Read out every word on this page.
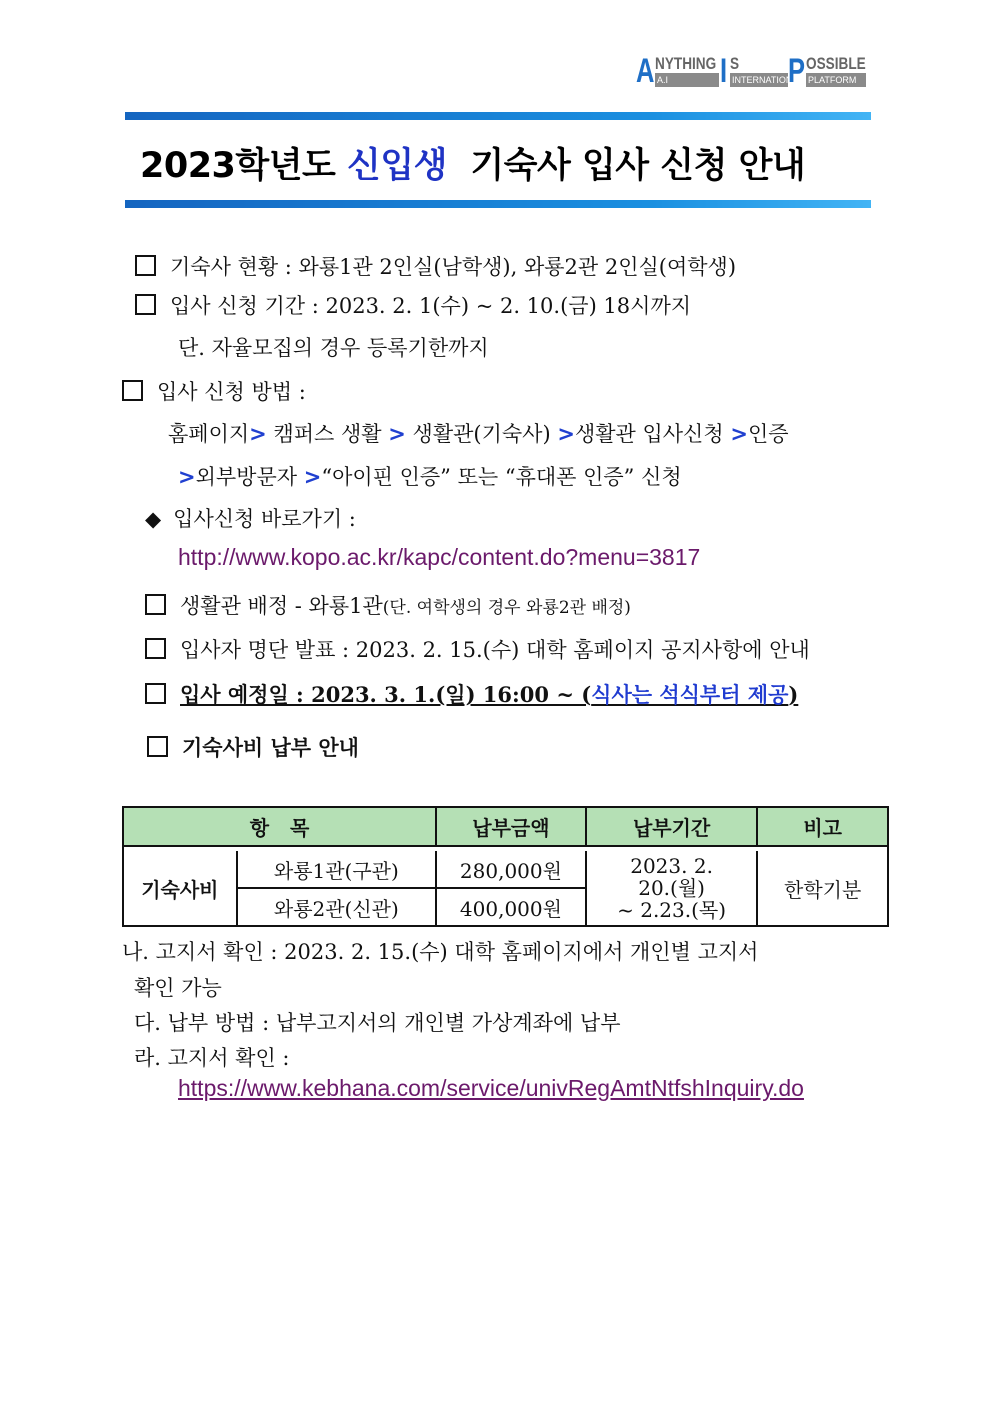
A NYTHING
A.I	I S
INTERNATIONAL
P OSSIBLE
PLATFORM
2023학년도 신입생  기숙사 입사 신청 안내
기숙사 현황 : 와룡1관 2인실(남학생), 와룡2관 2인실(여학생)
입사 신청 기간 : 2023. 2. 1(수) ~ 2. 10.(금) 18시까지
단. 자율모집의 경우 등록기한까지
입사 신청 방법 :
홈페이지> 캠퍼스 생활 > 생활관(기숙사) >생활관 입사신청 >인증
>외부방문자 >“아이핀 인증” 또는 “휴대폰 인증” 신청
◆ 입사신청 바로가기 :
http://www.kopo.ac.kr/kapc/content.do?menu=3817
생활관 배정 - 와룡1관(단. 여학생의 경우 와룡2관 배정)
입사자 명단 발표 : 2023. 2. 15.(수) 대학 홈페이지 공지사항에 안내
입사 예정일 : 2023. 3. 1.(일) 16:00 ~ (식사는 석식부터 제공)
기숙사비 납부 안내
항   목		납부금액	납부기간	비고

기숙사비	와룡1관(구관)	280,000원	2023. 2.
20.(월)
~ 2.23.(목)	한학기분
	와룡2관(신관)	400,000원		
나. 고지서 확인 : 2023. 2. 15.(수) 대학 홈페이지에서 개인별 고지서
확인 가능
다. 납부 방법 : 납부고지서의 개인별 가상계좌에 납부
라. 고지서 확인 :
https://www.kebhana.com/service/univRegAmtNtfshInquiry.do
